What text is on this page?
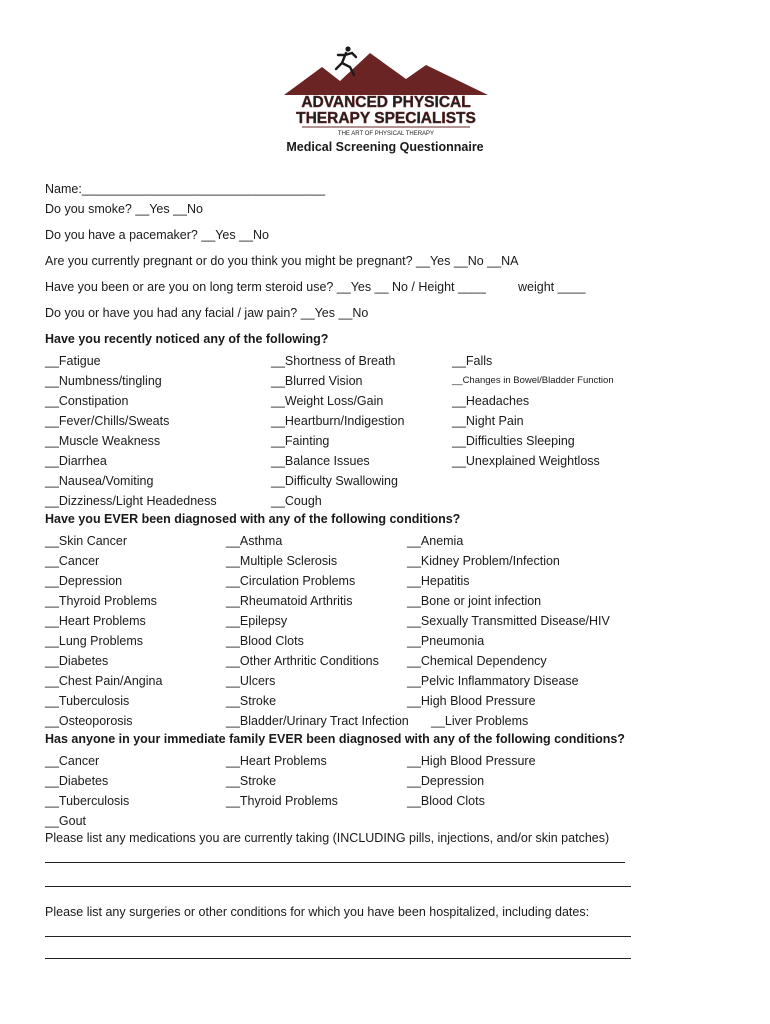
ADVANCED PHYSICAL
THERAPY SPECIALISTS
THE ART OF PHYSICAL THERAPY
Medical Screening Questionnaire
Name:___________________________________
Do you smoke? __Yes __No
Do you have a pacemaker? __Yes __No
Are you currently pregnant or do you think you might be pregnant? __Yes __No __NA
Have you been or are you on long term steroid use? __Yes __ No / Height ____	weight ____
Do you or have you had any facial / jaw pain? __Yes __No
Have you recently noticed any of the following?
__Fatigue
__Numbness/tingling
__Constipation
__Fever/Chills/Sweats
__Muscle Weakness
__Diarrhea
__Nausea/Vomiting
__Dizziness/Light Headedness
__Shortness of Breath
__Blurred Vision
__Weight Loss/Gain
__Heartburn/Indigestion
__Fainting
__Balance Issues
__Difficulty Swallowing
__Cough
__Falls
__Changes in Bowel/Bladder Function
__Headaches
__Night Pain
__Difficulties Sleeping
__Unexplained Weightloss
Have you EVER been diagnosed with any of the following conditions?
__Skin Cancer
__Cancer
__Depression
__Thyroid Problems
__Heart Problems
__Lung Problems
__Diabetes
__Chest Pain/Angina
__Tuberculosis
__Osteoporosis
__Asthma
__Multiple Sclerosis
__Circulation Problems
__Rheumatoid Arthritis
__Epilepsy
__Blood Clots
__Other Arthritic Conditions
__Ulcers
__Stroke
__Bladder/Urinary Tract Infection
__Anemia
__Kidney Problem/Infection
__Hepatitis
__Bone or joint infection
__Sexually Transmitted Disease/HIV
__Pneumonia
__Chemical Dependency
__Pelvic Inflammatory Disease
__High Blood Pressure
__Liver Problems
Has anyone in your immediate family EVER been diagnosed with any of the following conditions?
__Cancer
__Diabetes
__Tuberculosis
__Gout
__Heart Problems
__Stroke
__Thyroid Problems
__High Blood Pressure
__Depression
__Blood Clots
Please list any medications you are currently taking (INCLUDING pills, injections, and/or skin patches)
Please list any surgeries or other conditions for which you have been hospitalized, including dates:
